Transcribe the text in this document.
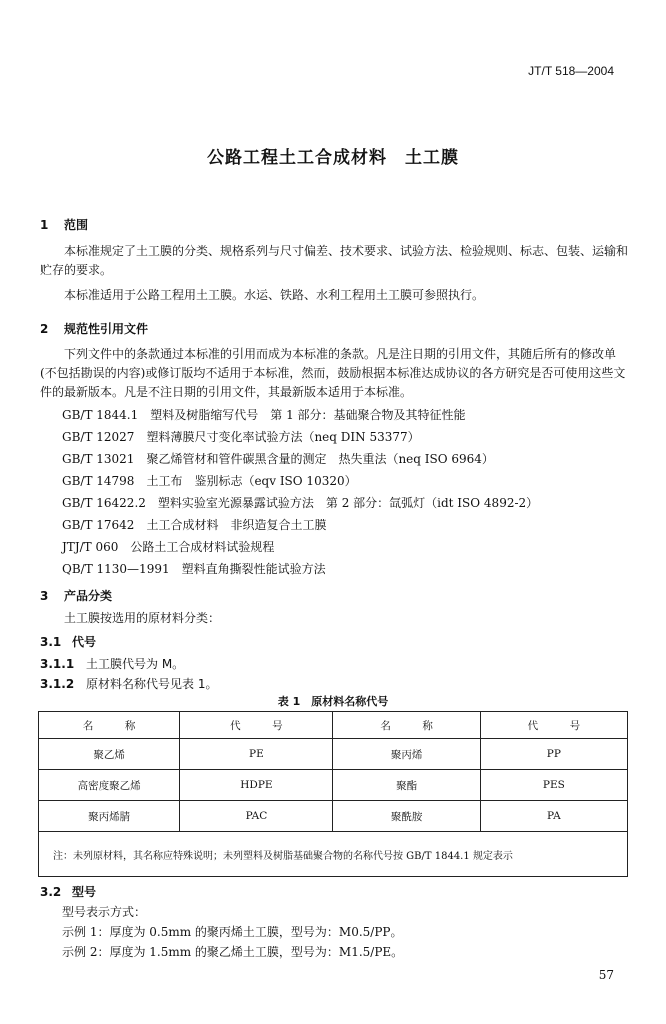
JT/T 518—2004
公路工程土工合成材料　土工膜
1 范围
本标准规定了土工膜的分类、规格系列与尺寸偏差、技术要求、试验方法、检验规则、标志、包装、运输和贮存的要求。
本标准适用于公路工程用土工膜。水运、铁路、水利工程用土工膜可参照执行。
2 规范性引用文件
下列文件中的条款通过本标准的引用而成为本标准的条款。凡是注日期的引用文件，其随后所有的修改单(不包括勘误的内容)或修订版均不适用于本标准，然而，鼓励根据本标准达成协议的各方研究是否可使用这些文件的最新版本。凡是不注日期的引用文件，其最新版本适用于本标准。
GB/T 1844.1　塑料及树脂缩写代号　第 1 部分：基础聚合物及其特征性能
GB/T 12027　塑料薄膜尺寸变化率试验方法（neq DIN 53377）
GB/T 13021　聚乙烯管材和管件碳黑含量的测定　热失重法（neq ISO 6964）
GB/T 14798　土工布　鉴别标志（eqv ISO 10320）
GB/T 16422.2　塑料实验室光源暴露试验方法　第 2 部分：氙弧灯（idt ISO 4892-2）
GB/T 17642　土工合成材料　非织造复合土工膜
JTJ/T 060　公路土工合成材料试验规程
QB/T 1130—1991　塑料直角撕裂性能试验方法
3 产品分类
土工膜按选用的原材料分类：
3.1 代号
3.1.1 土工膜代号为 M。
3.1.2 原材料名称代号见表 1。
表 1　原材料名称代号
名　　　称	代　　　号	名　　　称	代　　　号
聚乙烯	PE	聚丙烯	PP
高密度聚乙烯	HDPE	聚酯	PES
聚丙烯腈	PAC	聚酰胺	PA
注：未列原材料，其名称应特殊说明；未列塑料及树脂基础聚合物的名称代号按 GB/T 1844.1 规定表示			
3.2 型号
型号表示方式：
示例 1：厚度为 0.5mm 的聚丙烯土工膜，型号为：M0.5/PP。
示例 2：厚度为 1.5mm 的聚乙烯土工膜，型号为：M1.5/PE。
57
